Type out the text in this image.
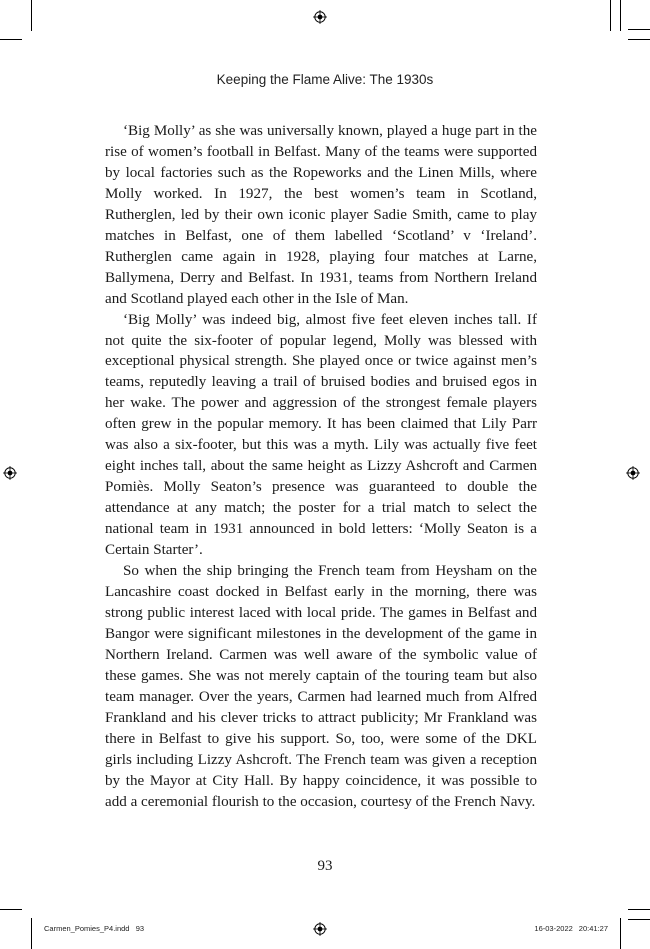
Keeping the Flame Alive: The 1930s

‘Big Molly’ as she was universally known, played a huge part in the rise of women’s football in Belfast. Many of the teams were supported by local factories such as the Ropeworks and the Linen Mills, where Molly worked. In 1927, the best women’s team in Scotland, Rutherglen, led by their own iconic player Sadie Smith, came to play matches in Belfast, one of them labelled ‘Scotland’ v ‘Ireland’. Rutherglen came again in 1928, playing four matches at Larne, Ballymena, Derry and Belfast. In 1931, teams from Northern Ireland and Scotland played each other in the Isle of Man.

‘Big Molly’ was indeed big, almost five feet eleven inches tall. If not quite the six-footer of popular legend, Molly was blessed with exceptional physical strength. She played once or twice against men’s teams, reputedly leaving a trail of bruised bodies and bruised egos in her wake. The power and aggression of the strongest female players often grew in the popular memory. It has been claimed that Lily Parr was also a six-footer, but this was a myth. Lily was actually five feet eight inches tall, about the same height as Lizzy Ashcroft and Carmen Pomiès. Molly Seaton’s presence was guaranteed to double the attendance at any match; the poster for a trial match to select the national team in 1931 announced in bold letters: ‘Molly Seaton is a Certain Starter’.

So when the ship bringing the French team from Heysham on the Lancashire coast docked in Belfast early in the morning, there was strong public interest laced with local pride. The games in Belfast and Bangor were significant milestones in the development of the game in Northern Ireland. Carmen was well aware of the symbolic value of these games. She was not merely captain of the touring team but also team manager. Over the years, Carmen had learned much from Alfred Frankland and his clever tricks to attract publicity; Mr Frankland was there in Belfast to give his support. So, too, were some of the DKL girls including Lizzy Ashcroft. The French team was given a reception by the Mayor at City Hall. By happy coincidence, it was possible to add a ceremonial flourish to the occasion, courtesy of the French Navy.

93
Carmen_Pomies_P4.indd   93	16-03-2022 20:41:27
